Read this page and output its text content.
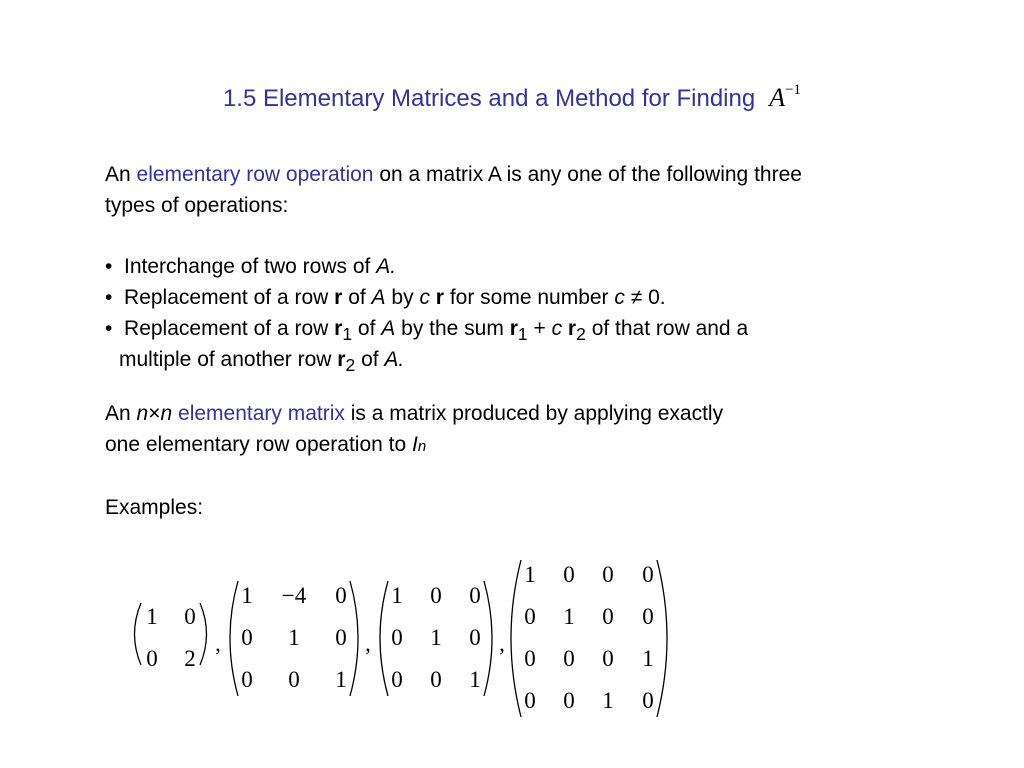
1.5 Elementary Matrices and a Method for Finding $A^{-1}$
An elementary row operation on a matrix A is any one of the following three
types of operations:
•  Interchange of two rows of A.
•  Replacement of a row r of A by c r for some number c ≠ 0.
•  Replacement of a row $r_1$ of A by the sum $r_1 + c$ $r_2$ of that row and a
multiple of another row $r_2$ of A.
An n×n elementary matrix is a matrix produced by applying exactly
one elementary row operation to In
Examples:
1 0
0 2
,
1 −4 0
0 1 0
0 0 1
,
1 0 0
0 1 0
0 0 1
,
1 0 0 0
0 1 0 0
0 0 0 1
0 0 1 0
